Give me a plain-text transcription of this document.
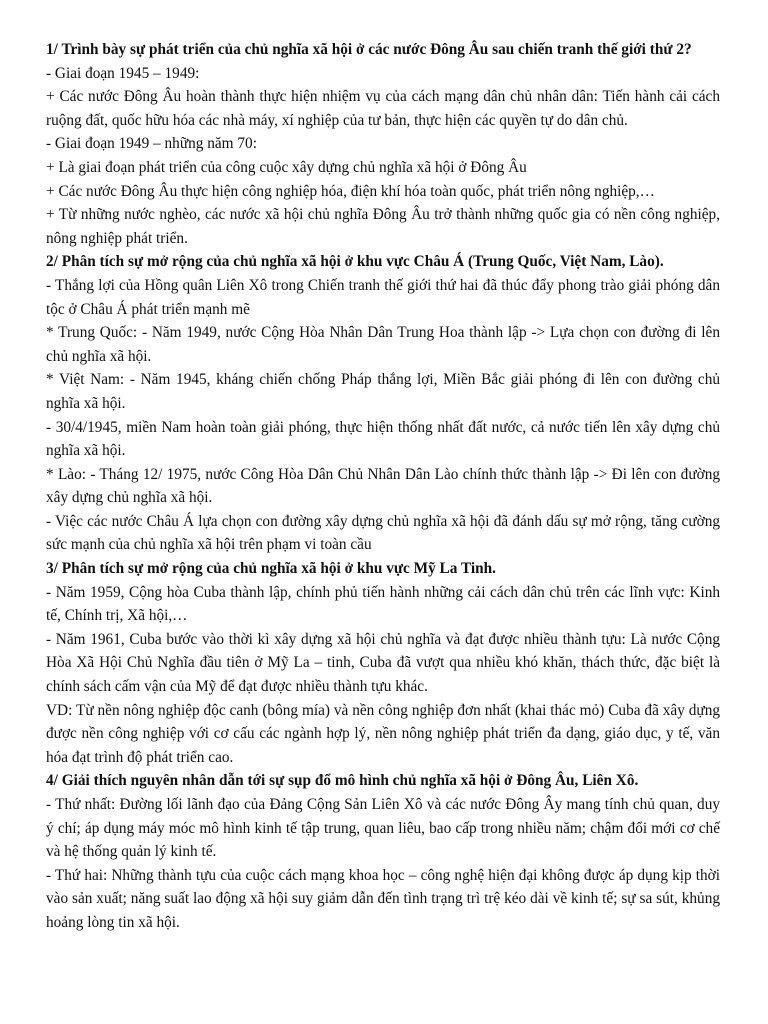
1/ Trình bày sự phát triển của chủ nghĩa xã hội ở các nước Đông Âu sau chiến tranh thế giới thứ 2?

- Giai đoạn 1945 – 1949:

+ Các nước Đông Âu hoàn thành thực hiện nhiệm vụ của cách mạng dân chủ nhân dân: Tiến hành cải cách ruộng đất, quốc hữu hóa các nhà máy, xí nghiệp của tư bản, thực hiện các quyền tự do dân chủ.

- Giai đoạn 1949 – những năm 70:

+ Là giai đoạn phát triển của công cuộc xây dựng chủ nghĩa xã hội ở Đông Âu

+ Các nước Đông Âu thực hiện công nghiệp hóa, điện khí hóa toàn quốc, phát triển nông nghiệp,…

+ Từ những nước nghèo, các nước xã hội chủ nghĩa Đông Âu trở thành những quốc gia có nền công nghiệp, nông nghiệp phát triển.

2/ Phân tích sự mở rộng của chủ nghĩa xã hội ở khu vực Châu Á (Trung Quốc, Việt Nam, Lào).

- Thắng lợi của Hồng quân Liên Xô trong Chiến tranh thế giới thứ hai đã thúc đẩy phong trào giải phóng dân tộc ở Châu Á phát triển mạnh mẽ

* Trung Quốc: - Năm 1949, nước Cộng Hòa Nhân Dân Trung Hoa thành lập -> Lựa chọn con đường đi lên chủ nghĩa xã hội.

* Việt Nam: - Năm 1945, kháng chiến chống Pháp thắng lợi, Miền Bắc giải phóng đi lên con đường chủ nghĩa xã hội.

- 30/4/1945, miền Nam hoàn toàn giải phóng, thực hiện thống nhất đất nước, cả nước tiến lên xây dựng chủ nghĩa xã hội.

* Lào: - Tháng 12/ 1975, nước Công Hòa Dân Chủ Nhân Dân Lào chính thức thành lập -> Đi lên con đường xây dựng chủ nghĩa xã hội.

- Việc các nước Châu Á lựa chọn con đường xây dựng chủ nghĩa xã hội đã đánh dấu sự mở rộng, tăng cường sức mạnh của chủ nghĩa xã hội trên phạm vi toàn cầu

3/ Phân tích sự mở rộng của chủ nghĩa xã hội ở khu vực Mỹ La Tinh.

- Năm 1959, Cộng hòa Cuba thành lập, chính phủ tiến hành những cải cách dân chủ trên các lĩnh vực: Kinh tế, Chính trị, Xã hội,…

- Năm 1961, Cuba bước vào thời kì xây dựng xã hội chủ nghĩa và đạt được nhiều thành tựu: Là nước Cộng Hòa Xã Hội Chủ Nghĩa đầu tiên ở Mỹ La – tinh, Cuba đã vượt qua nhiều khó khăn, thách thức, đặc biệt là chính sách cấm vận của Mỹ để đạt được nhiều thành tựu khác.

VD: Từ nền nông nghiệp độc canh (bông mía) và nền công nghiệp đơn nhất (khai thác mỏ) Cuba đã xây dựng được nền công nghiệp với cơ cấu các ngành hợp lý, nền nông nghiệp phát triển đa dạng, giáo dục, y tế, văn hóa đạt trình độ phát triển cao.

4/ Giải thích nguyên nhân dẫn tới sự sụp đổ mô hình chủ nghĩa xã hội ở Đông Âu, Liên Xô.

- Thứ nhất: Đường lối lãnh đạo của Đảng Cộng Sản Liên Xô và các nước Đông Ây mang tính chủ quan, duy ý chí; áp dụng máy móc mô hình kinh tế tập trung, quan liêu, bao cấp trong nhiều năm; chậm đổi mới cơ chế và hệ thống quản lý kinh tế.

- Thứ hai: Những thành tựu của cuộc cách mạng khoa học – công nghệ hiện đại không được áp dụng kịp thời vào sản xuất; năng suất lao động xã hội suy giảm dẫn đến tình trạng trì trệ kéo dài về kinh tế; sự sa sút, khủng hoảng lòng tin xã hội.
